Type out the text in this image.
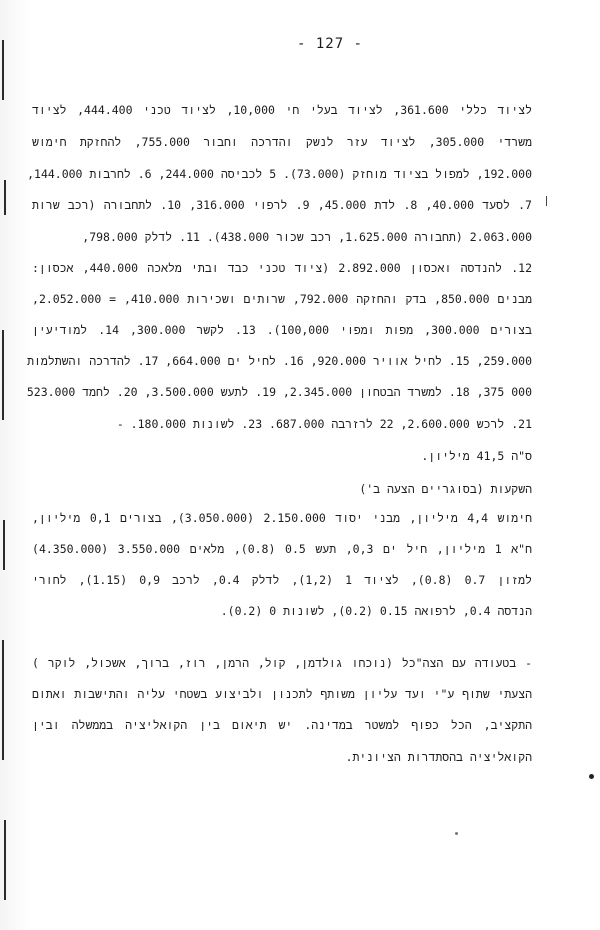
- 127 -
לציוד כללי 361.600, לציוד בעלי חי 10,000, לציוד טכני 444.400, לציוד
משרדי 305.000, לציוד עזר לנשק והדרכה וחבור 755.000, להחזקת חימוש
192.000, למפול בציוד מוחזק (73.000). 5 לכביסה 244.000, 6. לחרבות 144.000,
7. לסעד 40.000, 8. לדת 45.000, 9. לרפוי 316.000, 10. לתחבורה (רכב שרות
2.063.000 (תחבורה 1.625.000, רכב שכור 438.000). 11. לדלק 798.000,
12. להנדסה ואכסון 2.892.000 (ציוד טכני כבד ובתי מלאכה 440.000, אכסון:
מבנים 850.000, בדק והחזקה 792.000, שרותים ושכירות 410.000, = 2.052.000,
בצורים 300.000, מפות ומפוי 100,000). 13. לקשר 300.000, 14. למודיעין
259.000, 15. לחיל אוויר 920.000, 16. לחיל ים 664.000, 17. להדרכה והשתלמות
000 375, 18. למשרד הבטחון 2.345.000, 19. לתעש 3.500.000, 20. לחמד 523.000
21. לרכש 2.600.000, 22 לרזרבה 687.000. 23. לשונות 180.000. -
ס"ה 41,5 מיליון.
השקעות (בסוגריים הצעה ב')
חימוש 4,4 מיליון, מבני יסוד 2.150.000 (3.050.000), בצורים 0,1 מיליון,
ח"א 1 מיליון, חיל ים 0,3, תעש 0.5 (0.8), מלאים 3.550.000 (4.350.000)
למזון 0.7 (0.8), לציוד 1 (1,2), לדלק 0.4, לרכב 0,9 (1.15), לחורי
הנדסה 0.4, לרפואה 0.15 (0.2), לשונות 0 (0.2).
- בטעודה עם הצה"כל (נוכחו גולדמן, קול, הרמן, רוז, ברוך, אשכול, לוקר )
הצעתי שתוף ע"י ועד עליון משותף לתכנון ולביצוע בשטחי עליה והתישבות ואתום
התקציב, הכל כפוף למשטר במדינה. יש תיאום בין הקואליציה בממשלה ובין
הקואליציה בהסתדרות הציונית.
